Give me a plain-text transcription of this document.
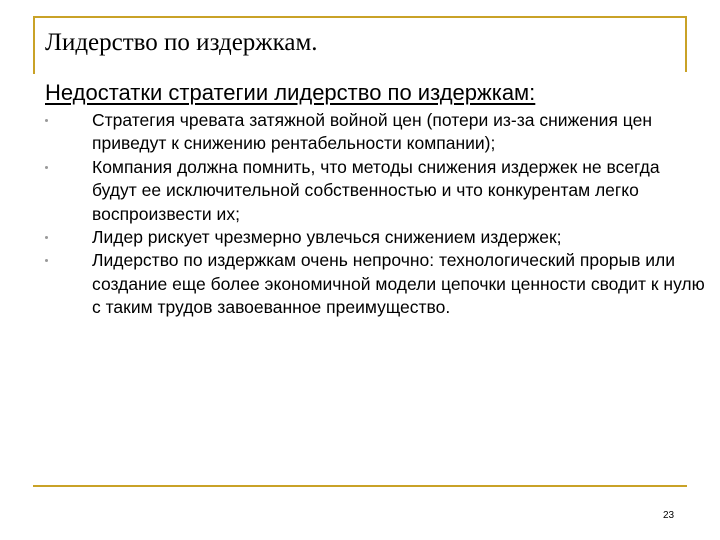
Лидерство по издержкам.
Недостатки стратегии лидерство по издержкам:
Стратегия чревата затяжной войной цен (потери из-за снижения цен приведут к снижению рентабельности компании);
Компания должна помнить, что методы снижения издержек не всегда будут ее исключительной собственностью и что конкурентам легко воспроизвести их;
Лидер рискует чрезмерно увлечься снижением издержек;
Лидерство по издержкам очень непрочно: технологический прорыв или создание еще более экономичной модели цепочки ценности сводит к нулю с таким трудов завоеванное преимущество.
23
